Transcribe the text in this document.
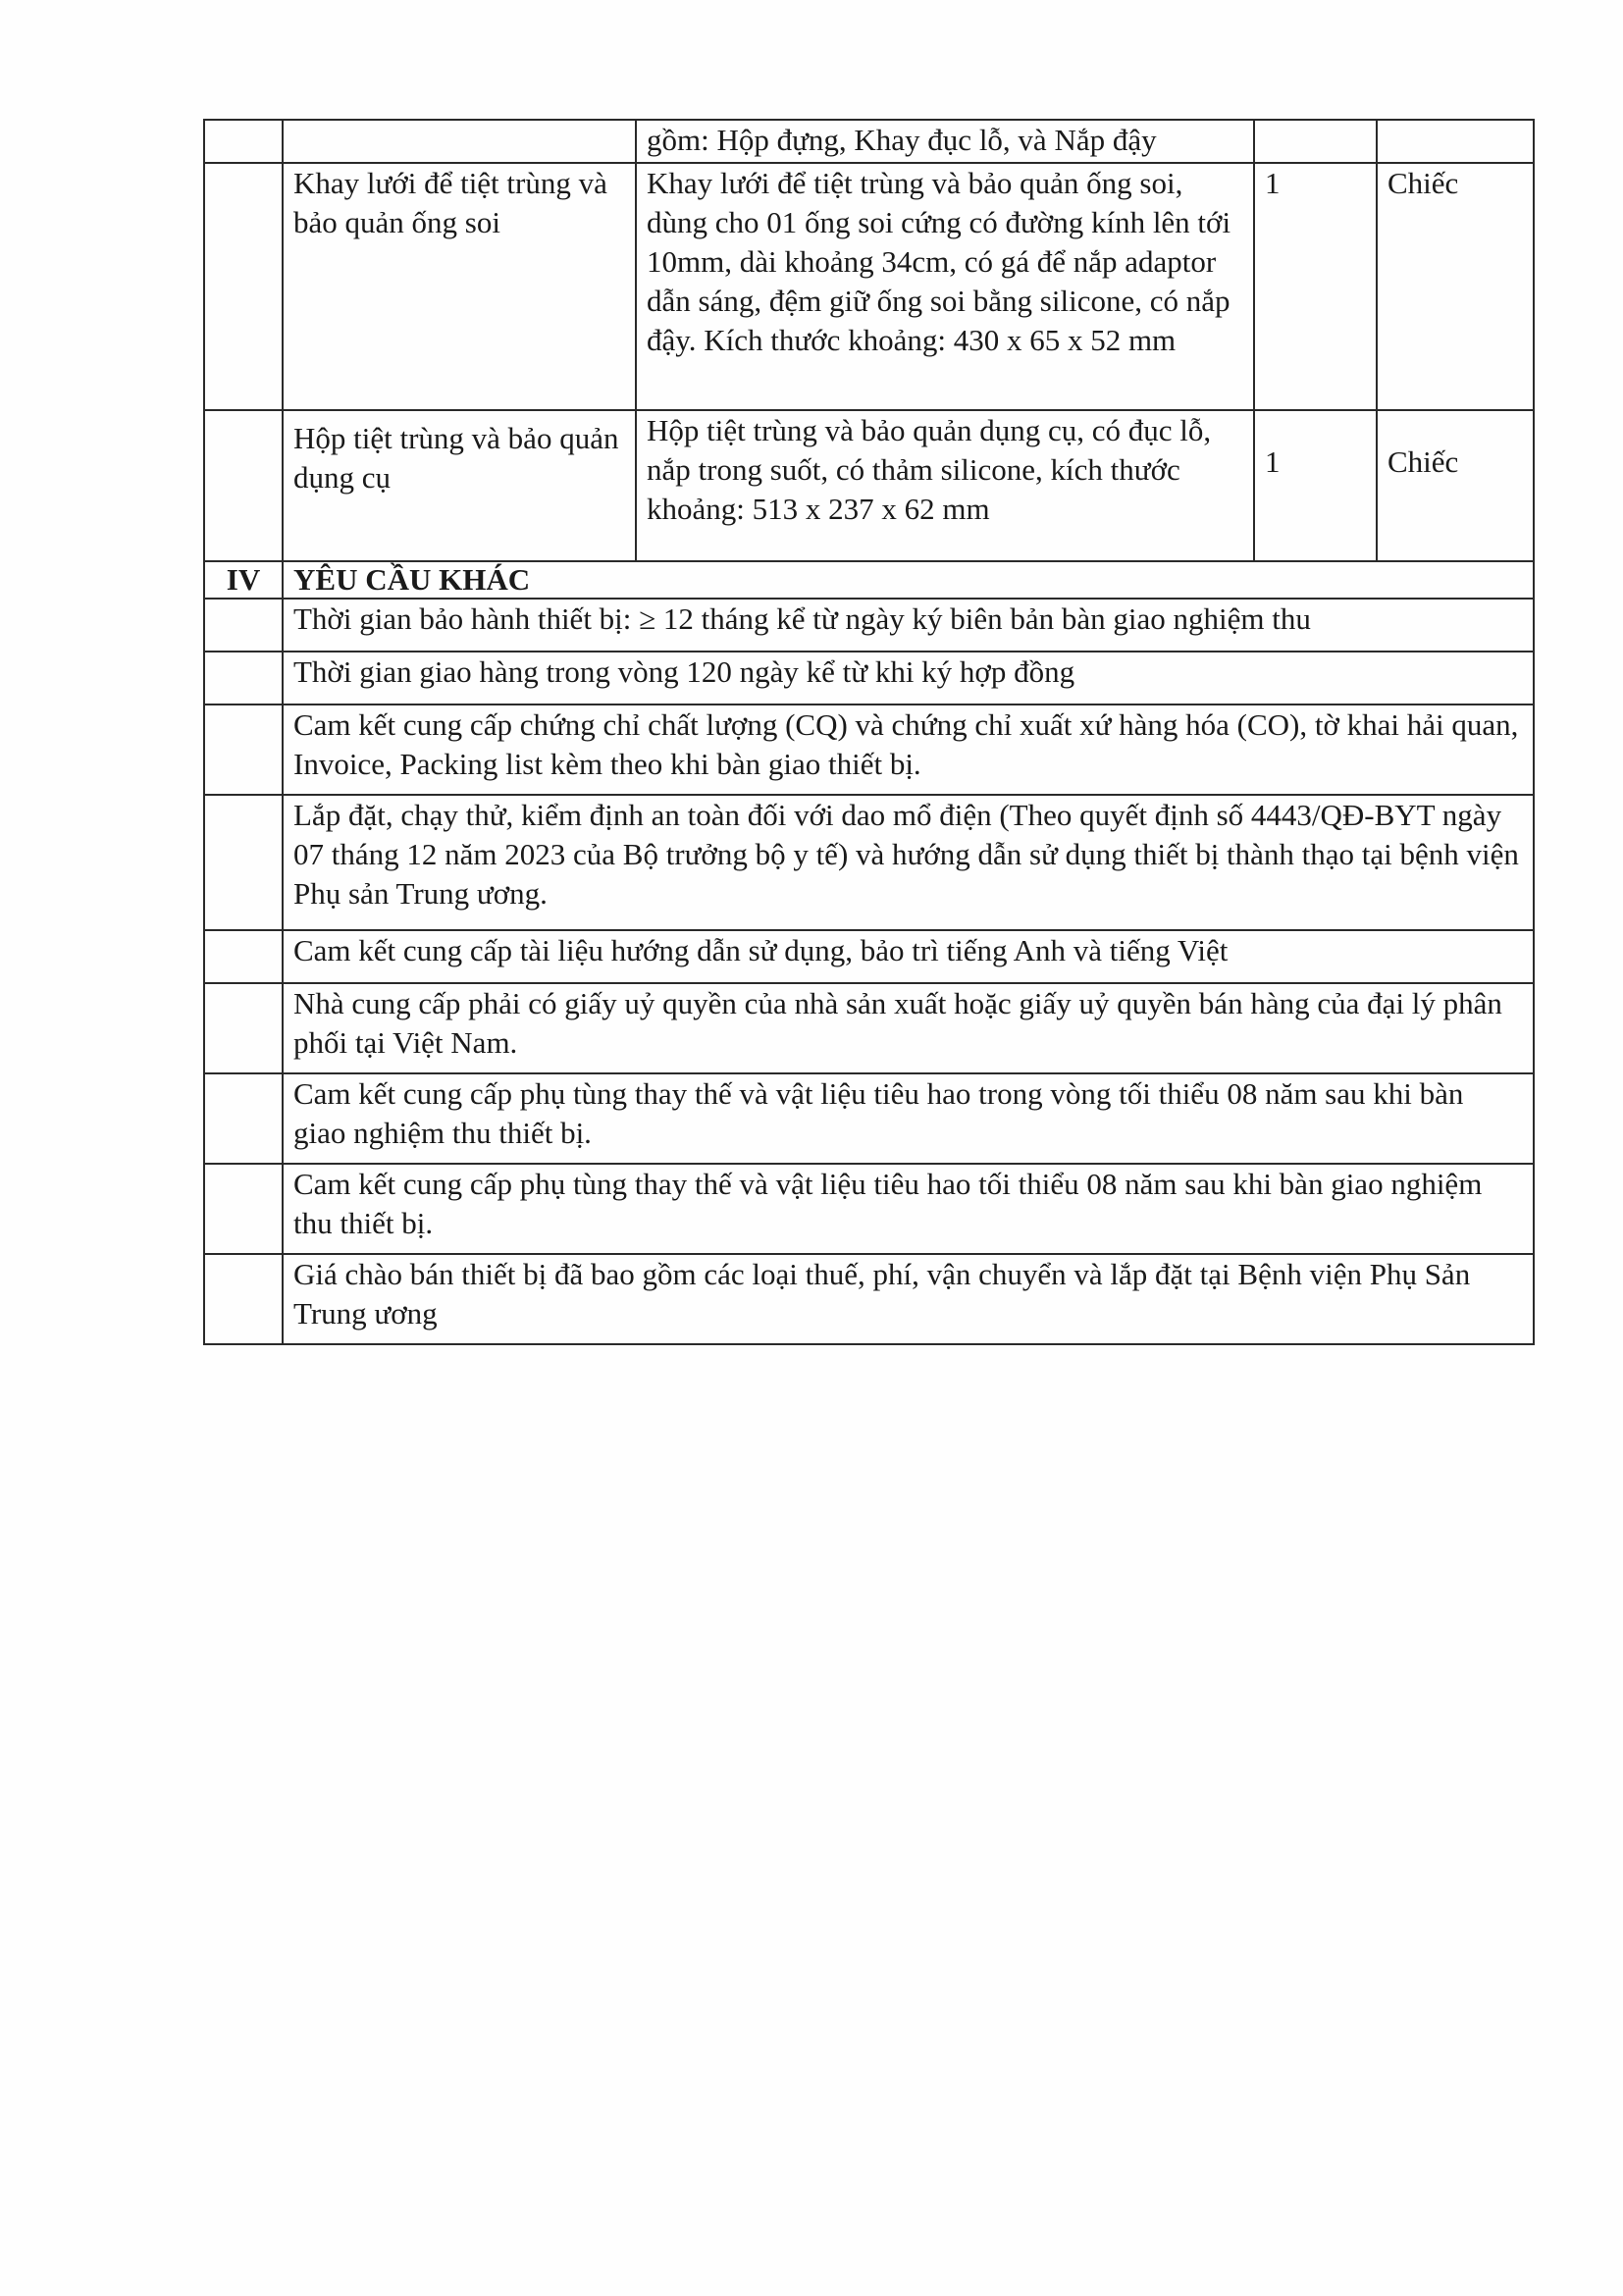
		gồm: Hộp đựng, Khay đục lỗ, và Nắp đậy		
	Khay lưới để tiệt trùng và bảo quản ống soi	Khay lưới để tiệt trùng và bảo quản ống soi, dùng cho 01 ống soi cứng có đường kính lên tới 10mm, dài khoảng 34cm, có gá để nắp adaptor dẫn sáng, đệm giữ ống soi bằng silicone, có nắp đậy. Kích thước khoảng: 430 x 65 x 52 mm	1	Chiếc
	Hộp tiệt trùng và bảo quản dụng cụ	Hộp tiệt trùng và bảo quản dụng cụ, có đục lỗ, nắp trong suốt, có thảm silicone, kích thước khoảng: 513 x 237 x 62 mm	1	Chiếc
IV	YÊU CẦU KHÁC			
	Thời gian bảo hành thiết bị: ≥ 12 tháng kể từ ngày ký biên bản bàn giao nghiệm thu			
	Thời gian giao hàng trong vòng 120 ngày kể từ khi ký hợp đồng			
	Cam kết cung cấp chứng chỉ chất lượng (CQ) và chứng chỉ xuất xứ hàng hóa (CO), tờ khai hải quan, Invoice, Packing list kèm theo khi bàn giao thiết bị.			
	Lắp đặt, chạy thử, kiểm định an toàn đối với dao mổ điện (Theo quyết định số 4443/QĐ-BYT ngày 07 tháng 12 năm 2023 của Bộ trưởng bộ y tế) và hướng dẫn sử dụng thiết bị thành thạo tại bệnh viện Phụ sản Trung ương.			
	Cam kết cung cấp tài liệu hướng dẫn sử dụng, bảo trì tiếng Anh và tiếng Việt			
	Nhà cung cấp phải có giấy uỷ quyền của nhà sản xuất hoặc giấy uỷ quyền bán hàng của đại lý phân phối tại Việt Nam.			
	Cam kết cung cấp phụ tùng thay thế và vật liệu tiêu hao trong vòng tối thiểu 08 năm sau khi bàn giao nghiệm thu thiết bị.			
	Cam kết cung cấp phụ tùng thay thế và vật liệu tiêu hao tối thiểu 08 năm sau khi bàn giao nghiệm thu thiết bị.			
	Giá chào bán thiết bị đã bao gồm các loại thuế, phí, vận chuyển và lắp đặt tại Bệnh viện Phụ Sản Trung ương			
